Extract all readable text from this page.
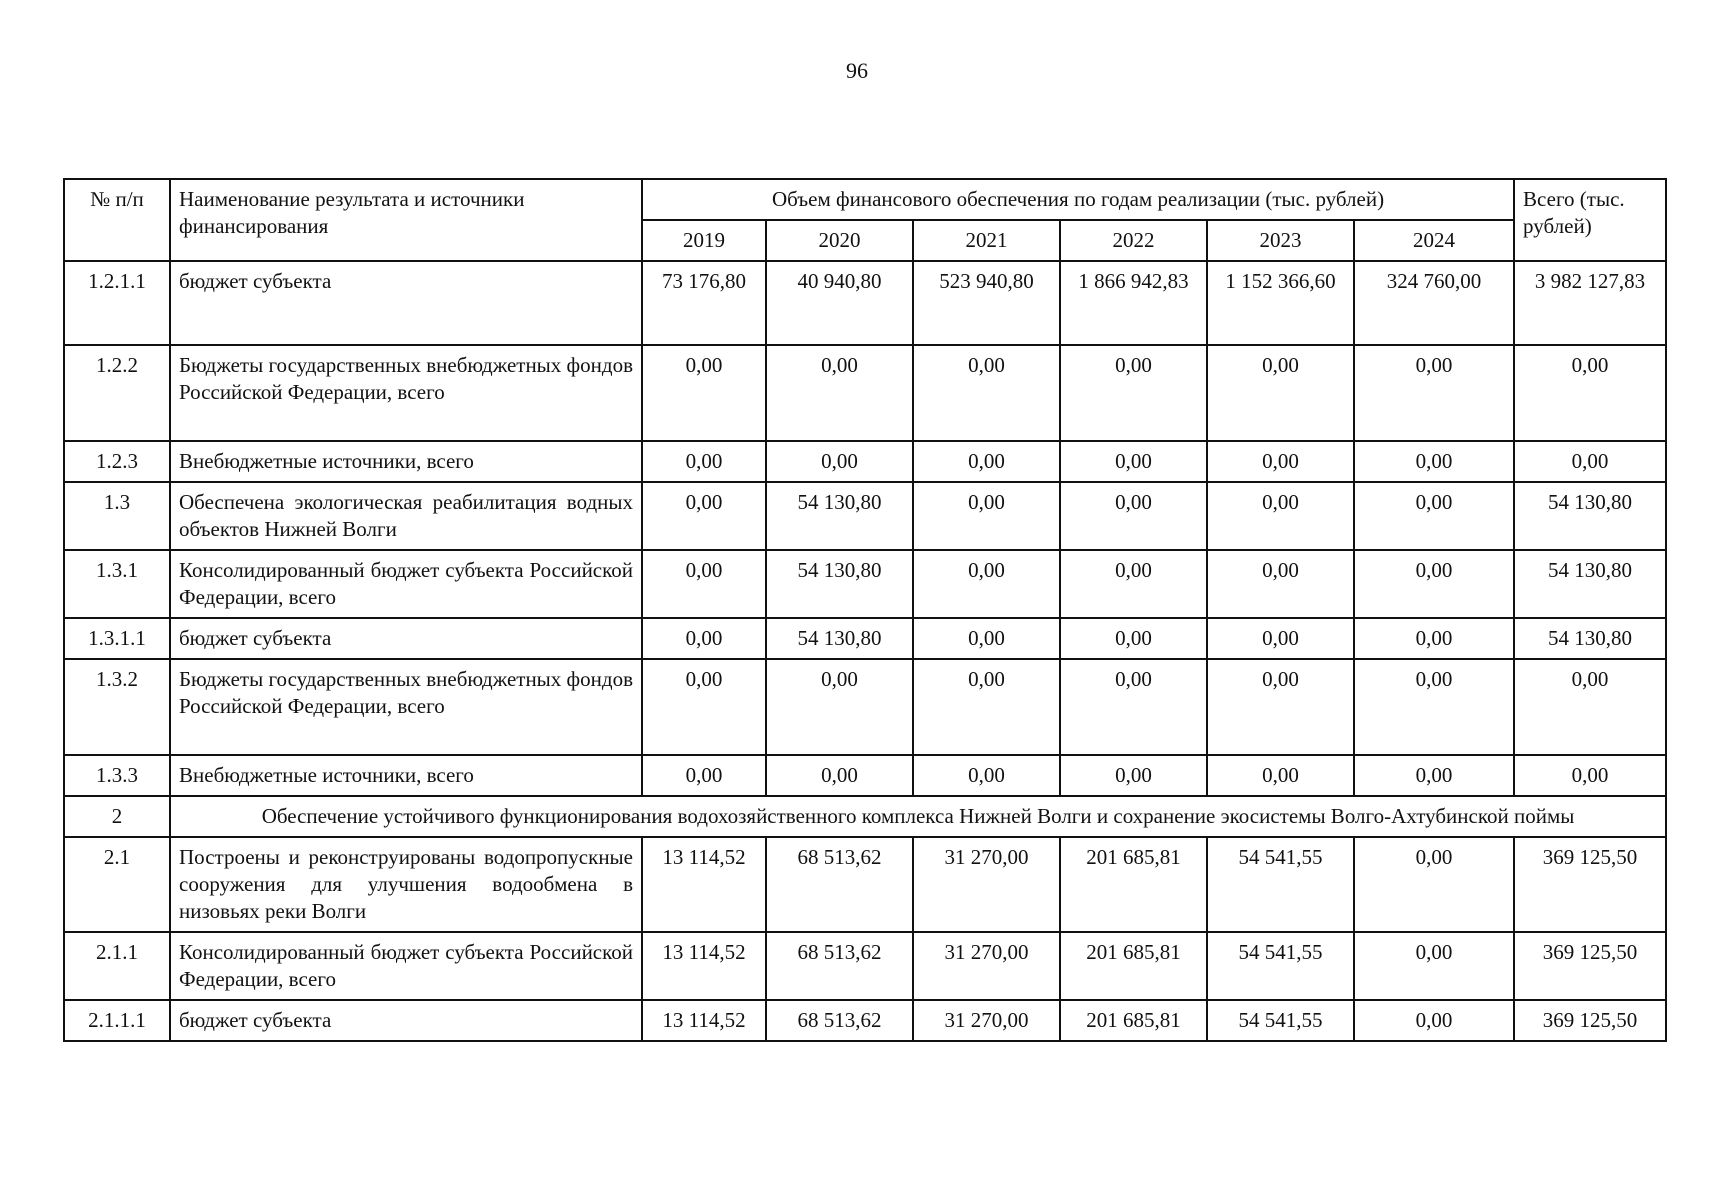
96
№ п/п	Наименование результата и источники финансирования	Объем финансового обеспечения по годам реализации (тыс. рублей)						Всего (тыс. рублей)
		2019	2020	2021	2022	2023	2024	
1.2.1.1	бюджет субъекта	73 176,80	40 940,80	523 940,80	1 866 942,83	1 152 366,60	324 760,00	3 982 127,83
1.2.2	Бюджеты государственных внебюджетных фондов Российской Федерации, всего	0,00	0,00	0,00	0,00	0,00	0,00	0,00
1.2.3	Внебюджетные источники, всего	0,00	0,00	0,00	0,00	0,00	0,00	0,00
1.3	Обеспечена экологическая реабилитация водных объектов Нижней Волги	0,00	54 130,80	0,00	0,00	0,00	0,00	54 130,80
1.3.1	Консолидированный бюджет субъекта Российской Федерации, всего	0,00	54 130,80	0,00	0,00	0,00	0,00	54 130,80
1.3.1.1	бюджет субъекта	0,00	54 130,80	0,00	0,00	0,00	0,00	54 130,80
1.3.2	Бюджеты государственных внебюджетных фондов Российской Федерации, всего	0,00	0,00	0,00	0,00	0,00	0,00	0,00
1.3.3	Внебюджетные источники, всего	0,00	0,00	0,00	0,00	0,00	0,00	0,00
2	Обеспечение устойчивого функционирования водохозяйственного комплекса Нижней Волги и сохранение экосистемы Волго-Ахтубинской поймы							
2.1	Построены и реконструированы водопропускные сооружения для улучшения водообмена в низовьях реки Волги	13 114,52	68 513,62	31 270,00	201 685,81	54 541,55	0,00	369 125,50
2.1.1	Консолидированный бюджет субъекта Российской Федерации, всего	13 114,52	68 513,62	31 270,00	201 685,81	54 541,55	0,00	369 125,50
2.1.1.1	бюджет субъекта	13 114,52	68 513,62	31 270,00	201 685,81	54 541,55	0,00	369 125,50
